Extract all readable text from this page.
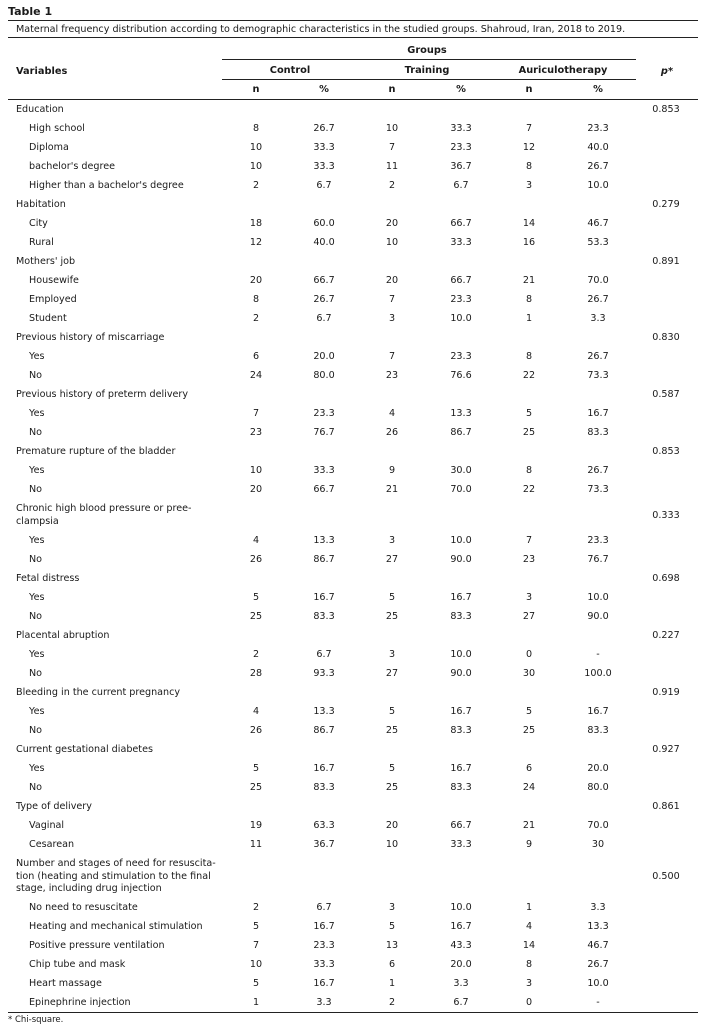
Table 1
Maternal frequency distribution according to demographic characteristics in the studied groups. Shahroud, Iran, 2018 to 2019.
Variables
Groups
Control	Training	Auriculotherapy	p*
n	%	n	%	n	%
Education	0.853
High school	8	26.7	10	33.3	7	23.3
Diploma	10	33.3	7	23.3	12	40.0
bachelor's degree	10	33.3	11	36.7	8	26.7
Higher than a bachelor's degree	2	6.7	2	6.7	3	10.0
Habitation	0.279
City	18	60.0	20	66.7	14	46.7
Rural	12	40.0	10	33.3	16	53.3
Mothers' job	0.891
Housewife	20	66.7	20	66.7	21	70.0
Employed	8	26.7	7	23.3	8	26.7
Student	2	6.7	3	10.0	1	3.3
Previous history of miscarriage	0.830
Yes	6	20.0	7	23.3	8	26.7
No	24	80.0	23	76.6	22	73.3
Previous history of preterm delivery	0.587
Yes	7	23.3	4	13.3	5	16.7
No	23	76.7	26	86.7	25	83.3
Premature rupture of the bladder	0.853
Yes	10	33.3	9	30.0	8	26.7
No	20	66.7	21	70.0	22	73.3
Chronic high blood pressure or pree-
clampsia	0.333
Yes	4	13.3	3	10.0	7	23.3
No	26	86.7	27	90.0	23	76.7
Fetal distress	0.698
Yes	5	16.7	5	16.7	3	10.0
No	25	83.3	25	83.3	27	90.0
Placental abruption	0.227
Yes	2	6.7	3	10.0	0	-
No	28	93.3	27	90.0	30	100.0
Bleeding in the current pregnancy	0.919
Yes	4	13.3	5	16.7	5	16.7
No	26	86.7	25	83.3	25	83.3
Current gestational diabetes	0.927
Yes	5	16.7	5	16.7	6	20.0
No	25	83.3	25	83.3	24	80.0
Type of delivery	0.861
Vaginal	19	63.3	20	66.7	21	70.0
Cesarean	11	36.7	10	33.3	9	30
Number and stages of need for resuscita-
tion (heating and stimulation to the final
stage, including drug injection
0.500
No need to resuscitate	2	6.7	3	10.0	1	3.3
Heating and mechanical stimulation	5	16.7	5	16.7	4	13.3
Positive pressure ventilation	7	23.3	13	43.3	14	46.7
Chip tube and mask	10	33.3	6	20.0	8	26.7
Heart massage	5	16.7	1	3.3	3	10.0
Epinephrine injection	1	3.3	2	6.7	0	-
* Chi-square.
